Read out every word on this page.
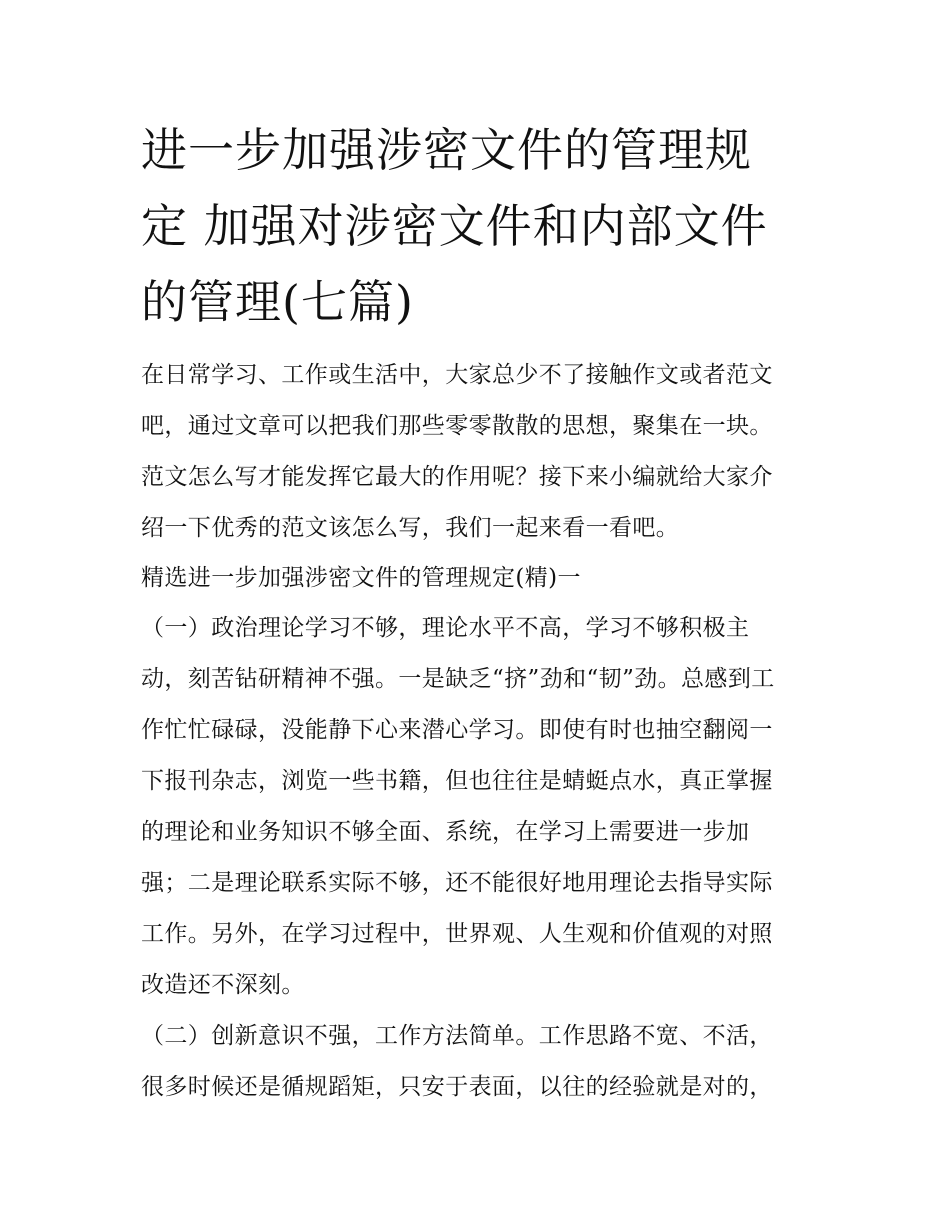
进一步加强涉密文件的管理规
定 加强对涉密文件和内部文件
的管理(七篇)

在日常学习、工作或生活中，大家总少不了接触作文或者范文
吧，通过文章可以把我们那些零零散散的思想，聚集在一块。
范文怎么写才能发挥它最大的作用呢？接下来小编就给大家介
绍一下优秀的范文该怎么写，我们一起来看一看吧。

精选进一步加强涉密文件的管理规定(精)一

（一）政治理论学习不够，理论水平不高，学习不够积极主
动，刻苦钻研精神不强。一是缺乏“挤”劲和“韧”劲。总感到工
作忙忙碌碌，没能静下心来潜心学习。即使有时也抽空翻阅一
下报刊杂志，浏览一些书籍，但也往往是蜻蜓点水，真正掌握
的理论和业务知识不够全面、系统，在学习上需要进一步加
强；二是理论联系实际不够，还不能很好地用理论去指导实际
工作。另外，在学习过程中，世界观、人生观和价值观的对照
改造还不深刻。

（二）创新意识不强，工作方法简单。工作思路不宽、不活，
很多时候还是循规蹈矩，只安于表面，以往的经验就是对的，
